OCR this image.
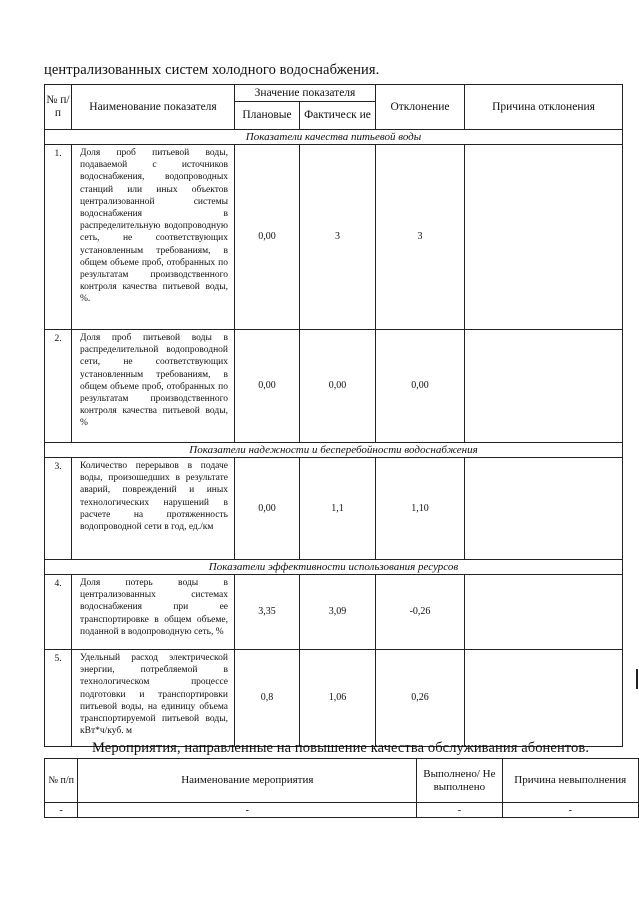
централизованных систем холодного водоснабжения.
№ п/п	Наименование показателя	Значение показателя		Отклонение	Причина отклонения
		Плановые	Фактическ ие		
Показатели качества питьевой воды					
1.	Доля проб питьевой воды, подаваемой с источников водоснабжения, водопроводных станций или иных объектов централизованной системы водоснабжения в распределительную водопроводную сеть, не соответствующих установленным требованиям, в общем объеме проб, отобранных по результатам производственного контроля качества питьевой воды, %.	0,00	3	3	
2.	Доля проб питьевой воды в распределительной водопроводной сети, не соответствующих установленным требованиям, в общем объеме проб, отобранных по результатам производственного контроля качества питьевой воды, %	0,00	0,00	0,00	
Показатели надежности и бесперебойности водоснабжения					
3.	Количество перерывов в подаче воды, произошедших в результате аварий, повреждений и иных технологических нарушений в расчете на протяженность водопроводной сети в год, ед./км	0,00	1,1	1,10	
Показатели эффективности использования ресурсов					
4.	Доля потерь воды в централизованных системах водоснабжения при ее транспортировке в общем объеме, поданной в водопроводную сеть, %	3,35	3,09	-0,26	
5.	Удельный расход электрической энергии, потребляемой в технологическом процессе подготовки и транспортировки питьевой воды, на единицу объема транспортируемой питьевой воды, кВт*ч/куб. м	0,8	1,06	0,26	
Мероприятия, направленные на повышение качества обслуживания абонентов.
№ п/п	Наименование мероприятия	Выполнено/ Не выполнено	Причина невыполнения
-	-	-	-
